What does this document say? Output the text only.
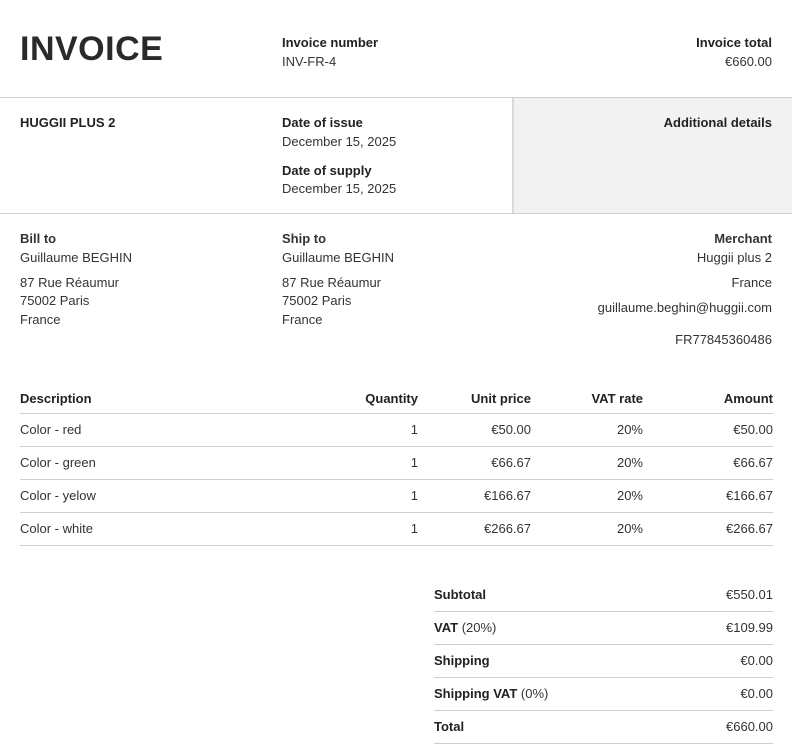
INVOICE	Invoice number
INV-FR-4
Invoice total
€660.00
HUGGII PLUS 2	Date of issue
December 15, 2025
Date of supply
December 15, 2025
Additional details
Bill to
Guillaume BEGHIN
87 Rue Réaumur
75002 Paris
France
Ship to
Guillaume BEGHIN
87 Rue Réaumur
75002 Paris
France
Merchant
Huggii plus 2
France
guillaume.beghin@huggii.com
FR77845360486
Description	Quantity	Unit price	VAT rate	Amount
Color - red	1	€50.00	20%	€50.00
Color - green	1	€66.67	20%	€66.67
Color - yelow	1	€166.67	20%	€166.67
Color - white	1	€266.67	20%	€266.67
Subtotal	€550.01
VAT (20%)	€109.99
Shipping	€0.00
Shipping VAT (0%)	€0.00
Total	€660.00
